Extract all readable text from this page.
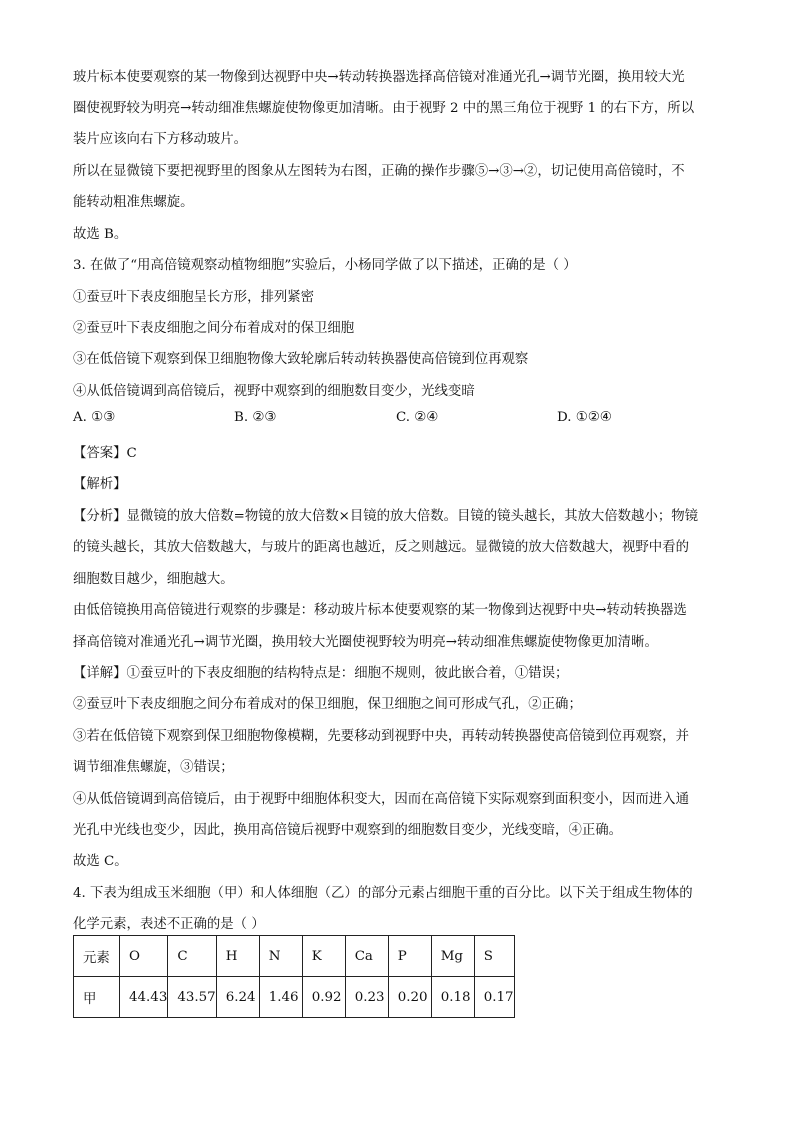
玻片标本使要观察的某一物像到达视野中央→转动转换器选择高倍镜对准通光孔→调节光圈，换用较大光
圈使视野较为明亮→转动细准焦螺旋使物像更加清晰。由于视野 2 中的黑三角位于视野 1 的右下方，所以
装片应该向右下方移动玻片。
所以在显微镜下要把视野里的图象从左图转为右图，正确的操作步骤⑤→③→②，切记使用高倍镜时，不
能转动粗准焦螺旋。
故选 B。
3. 在做了“用高倍镜观察动植物细胞”实验后，小杨同学做了以下描述，正确的是（ ）
①蚕豆叶下表皮细胞呈长方形，排列紧密
②蚕豆叶下表皮细胞之间分布着成对的保卫细胞
③在低倍镜下观察到保卫细胞物像大致轮廓后转动转换器使高倍镜到位再观察
④从低倍镜调到高倍镜后，视野中观察到的细胞数目变少，光线变暗
A. ①③	B. ②③	C. ②④	D. ①②④
【答案】C
【解析】
【分析】显微镜的放大倍数=物镜的放大倍数×目镜的放大倍数。目镜的镜头越长，其放大倍数越小；物镜
的镜头越长，其放大倍数越大，与玻片的距离也越近，反之则越远。显微镜的放大倍数越大，视野中看的
细胞数目越少，细胞越大。
由低倍镜换用高倍镜进行观察的步骤是：移动玻片标本使要观察的某一物像到达视野中央→转动转换器选
择高倍镜对准通光孔→调节光圈，换用较大光圈使视野较为明亮→转动细准焦螺旋使物像更加清晰。
【详解】①蚕豆叶的下表皮细胞的结构特点是：细胞不规则，彼此嵌合着，①错误；
②蚕豆叶下表皮细胞之间分布着成对的保卫细胞，保卫细胞之间可形成气孔，②正确；
③若在低倍镜下观察到保卫细胞物像模糊，先要移动到视野中央，再转动转换器使高倍镜到位再观察，并
调节细准焦螺旋，③错误；
④从低倍镜调到高倍镜后，由于视野中细胞体积变大，因而在高倍镜下实际观察到面积变小，因而进入通
光孔中光线也变少，因此，换用高倍镜后视野中观察到的细胞数目变少，光线变暗，④正确。
故选 C。
4. 下表为组成玉米细胞（甲）和人体细胞（乙）的部分元素占细胞干重的百分比。以下关于组成生物体的
化学元素，表述不正确的是（ ）
元素	O	C	H	N	K	Ca	P	Mg	S
甲	44.43	43.57	6.24	1.46	0.92	0.23	0.20	0.18	0.17
